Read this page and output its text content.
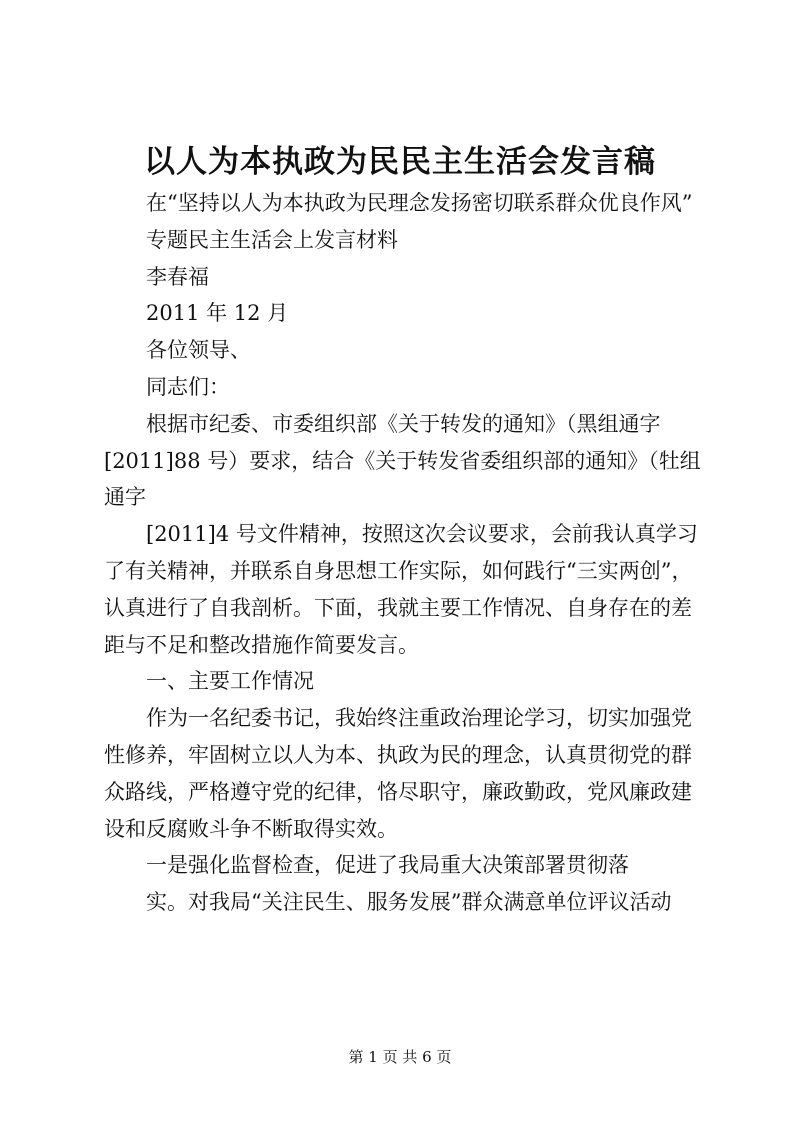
以人为本执政为民民主生活会发言稿
在“坚持以人为本执政为民理念发扬密切联系群众优良作风”
专题民主生活会上发言材料
李春福
2011 年 12 月
各位领导、
同志们：
根据市纪委、市委组织部《关于转发的通知》（黑组通字
[2011]88 号）要求，结合《关于转发省委组织部的通知》（牡组
通字
[2011]4 号文件精神，按照这次会议要求，会前我认真学习
了有关精神，并联系自身思想工作实际，如何践行“三实两创”，
认真进行了自我剖析。下面，我就主要工作情况、自身存在的差
距与不足和整改措施作简要发言。
一、主要工作情况
作为一名纪委书记，我始终注重政治理论学习，切实加强党
性修养，牢固树立以人为本、执政为民的理念，认真贯彻党的群
众路线，严格遵守党的纪律，恪尽职守，廉政勤政，党风廉政建
设和反腐败斗争不断取得实效。
一是强化监督检查，促进了我局重大决策部署贯彻落
实。对我局“关注民生、服务发展”群众满意单位评议活动
第 1 页 共 6 页
